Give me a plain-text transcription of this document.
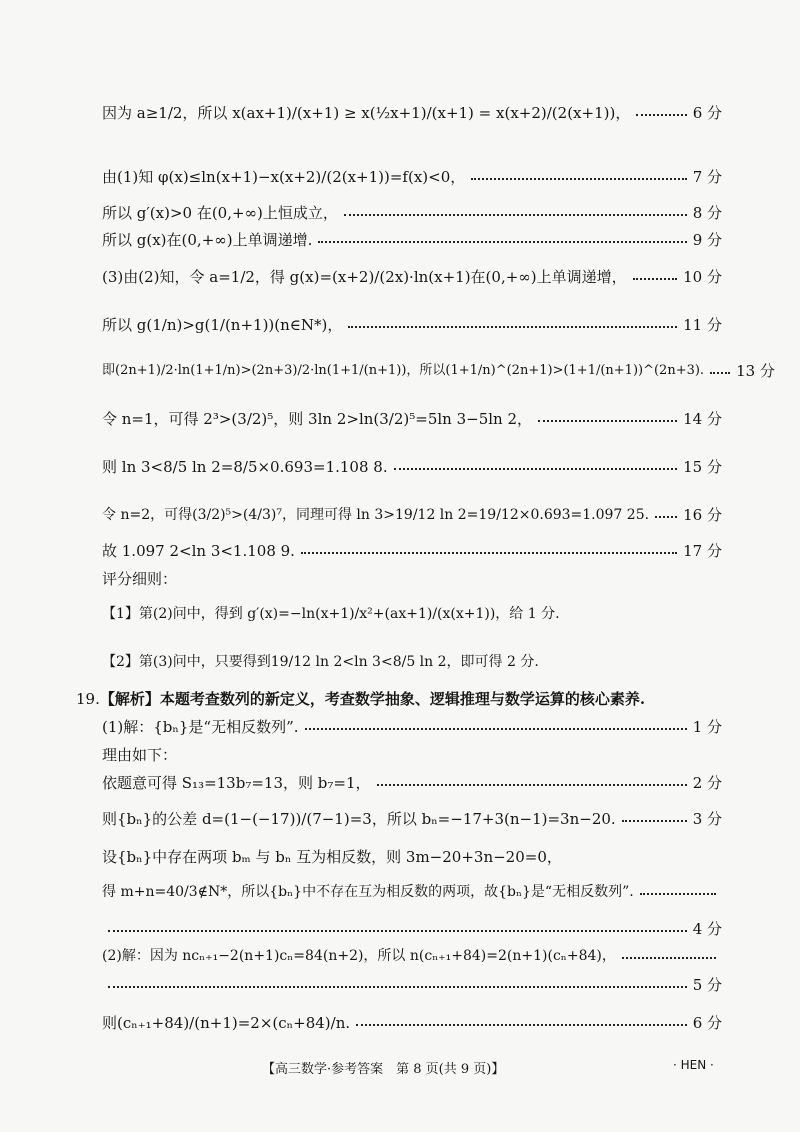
因为 a≥1/2，所以 x(ax+1)/(x+1) ≥ x(½x+1)/(x+1) = x(x+2)/(2(x+1))，	6 分
由(1)知 φ(x)≤ln(x+1)−x(x+2)/(2(x+1))=f(x)<0，	7 分
所以 g′(x)>0 在(0,+∞)上恒成立，	8 分
所以 g(x)在(0,+∞)上单调递增.	9 分
(3)由(2)知，令 a=1/2，得 g(x)=(x+2)/(2x)·ln(x+1)在(0,+∞)上单调递增，	10 分
所以 g(1/n)>g(1/(n+1))(n∈N*)，	11 分
即(2n+1)/2·ln(1+1/n)>(2n+3)/2·ln(1+1/(n+1))，所以(1+1/n)^(2n+1)>(1+1/(n+1))^(2n+3). 13 分
令 n=1，可得 2³>(3/2)⁵，则 3ln 2>ln(3/2)⁵=5ln 3−5ln 2，	14 分
则 ln 3<8/5 ln 2=8/5×0.693=1.108 8.	15 分
令 n=2，可得(3/2)⁵>(4/3)⁷，同理可得 ln 3>19/12 ln 2=19/12×0.693=1.097 25. 16 分
故 1.097 2<ln 3<1.108 9.	17 分
评分细则：
【1】第(2)问中，得到 g′(x)=−ln(x+1)/x²+(ax+1)/(x(x+1))，给 1 分.
【2】第(3)问中，只要得到19/12 ln 2<ln 3<8/5 ln 2，即可得 2 分.
19. 【解析】 本题考查数列的新定义，考查数学抽象、逻辑推理与数学运算的核心素养.
(1)解：{bₙ}是“无相反数列”.	1 分
理由如下：
依题意可得 S₁₃=13b₇=13，则 b₇=1，	2 分
则{bₙ}的公差 d=(1−(−17))/(7−1)=3，所以 bₙ=−17+3(n−1)=3n−20.	3 分
设{bₙ}中存在两项 bₘ 与 bₙ 互为相反数，则 3m−20+3n−20=0，
得 m+n=40/3∉N*，所以{bₙ}中不存在互为相反数的两项，故{bₙ}是“无相反数列”.
4 分
(2)解：因为 ncₙ₊₁−2(n+1)cₙ=84(n+2)，所以 n(cₙ₊₁+84)=2(n+1)(cₙ+84)，
5 分
则(cₙ₊₁+84)/(n+1)=2×(cₙ+84)/n.	6 分
【高三数学·参考答案　第 8 页(共 9 页)】	· HEN ·
